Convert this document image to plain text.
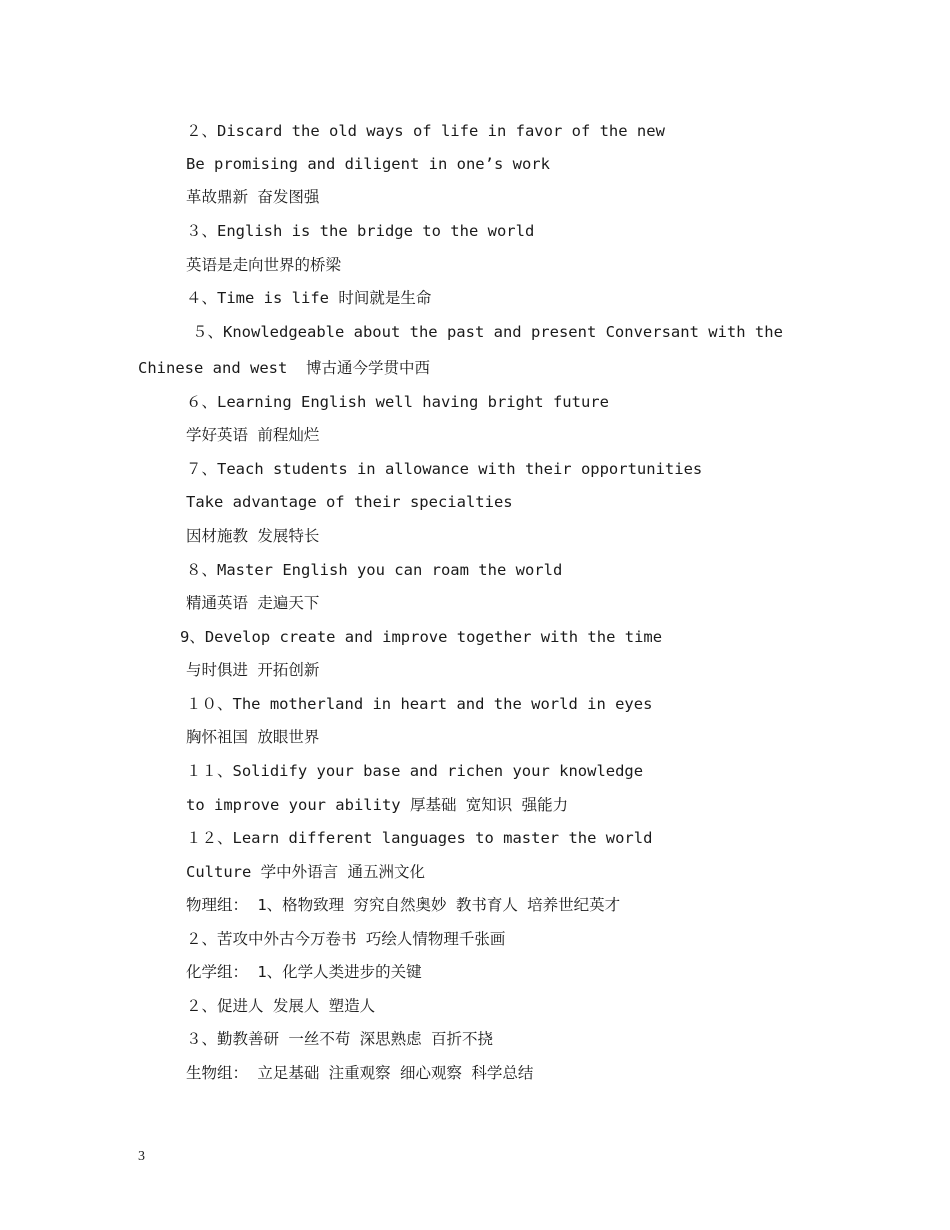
２、Discard the old ways of life in favor of the new
Be promising and diligent in one’s work
革故鼎新 奋发图强
３、English is the bridge to the world
英语是走向世界的桥梁
４、Time is life 时间就是生命
５、Knowledgeable about the past and present Conversant with the
Chinese and west  博古通今学贯中西
６、Learning English well having bright future
学好英语 前程灿烂
７、Teach students in allowance with their opportunities
Take advantage of their specialties
因材施教 发展特长
８、Master English you can roam the world
精通英语 走遍天下
9、Develop create and improve together with the time
与时俱进 开拓创新
１０、The motherland in heart and the world in eyes
胸怀祖国 放眼世界
１１、Solidify your base and richen your knowledge
to improve your ability 厚基础 宽知识 强能力
１２、Learn different languages to master the world
Culture 学中外语言 通五洲文化
物理组： 1、格物致理 穷究自然奥妙 教书育人 培养世纪英才
２、苦攻中外古今万卷书 巧绘人情物理千张画
化学组： 1、化学人类进步的关键
２、促进人 发展人 塑造人
３、勤教善研 一丝不苟 深思熟虑 百折不挠
生物组： 立足基础 注重观察 细心观察 科学总结
3
